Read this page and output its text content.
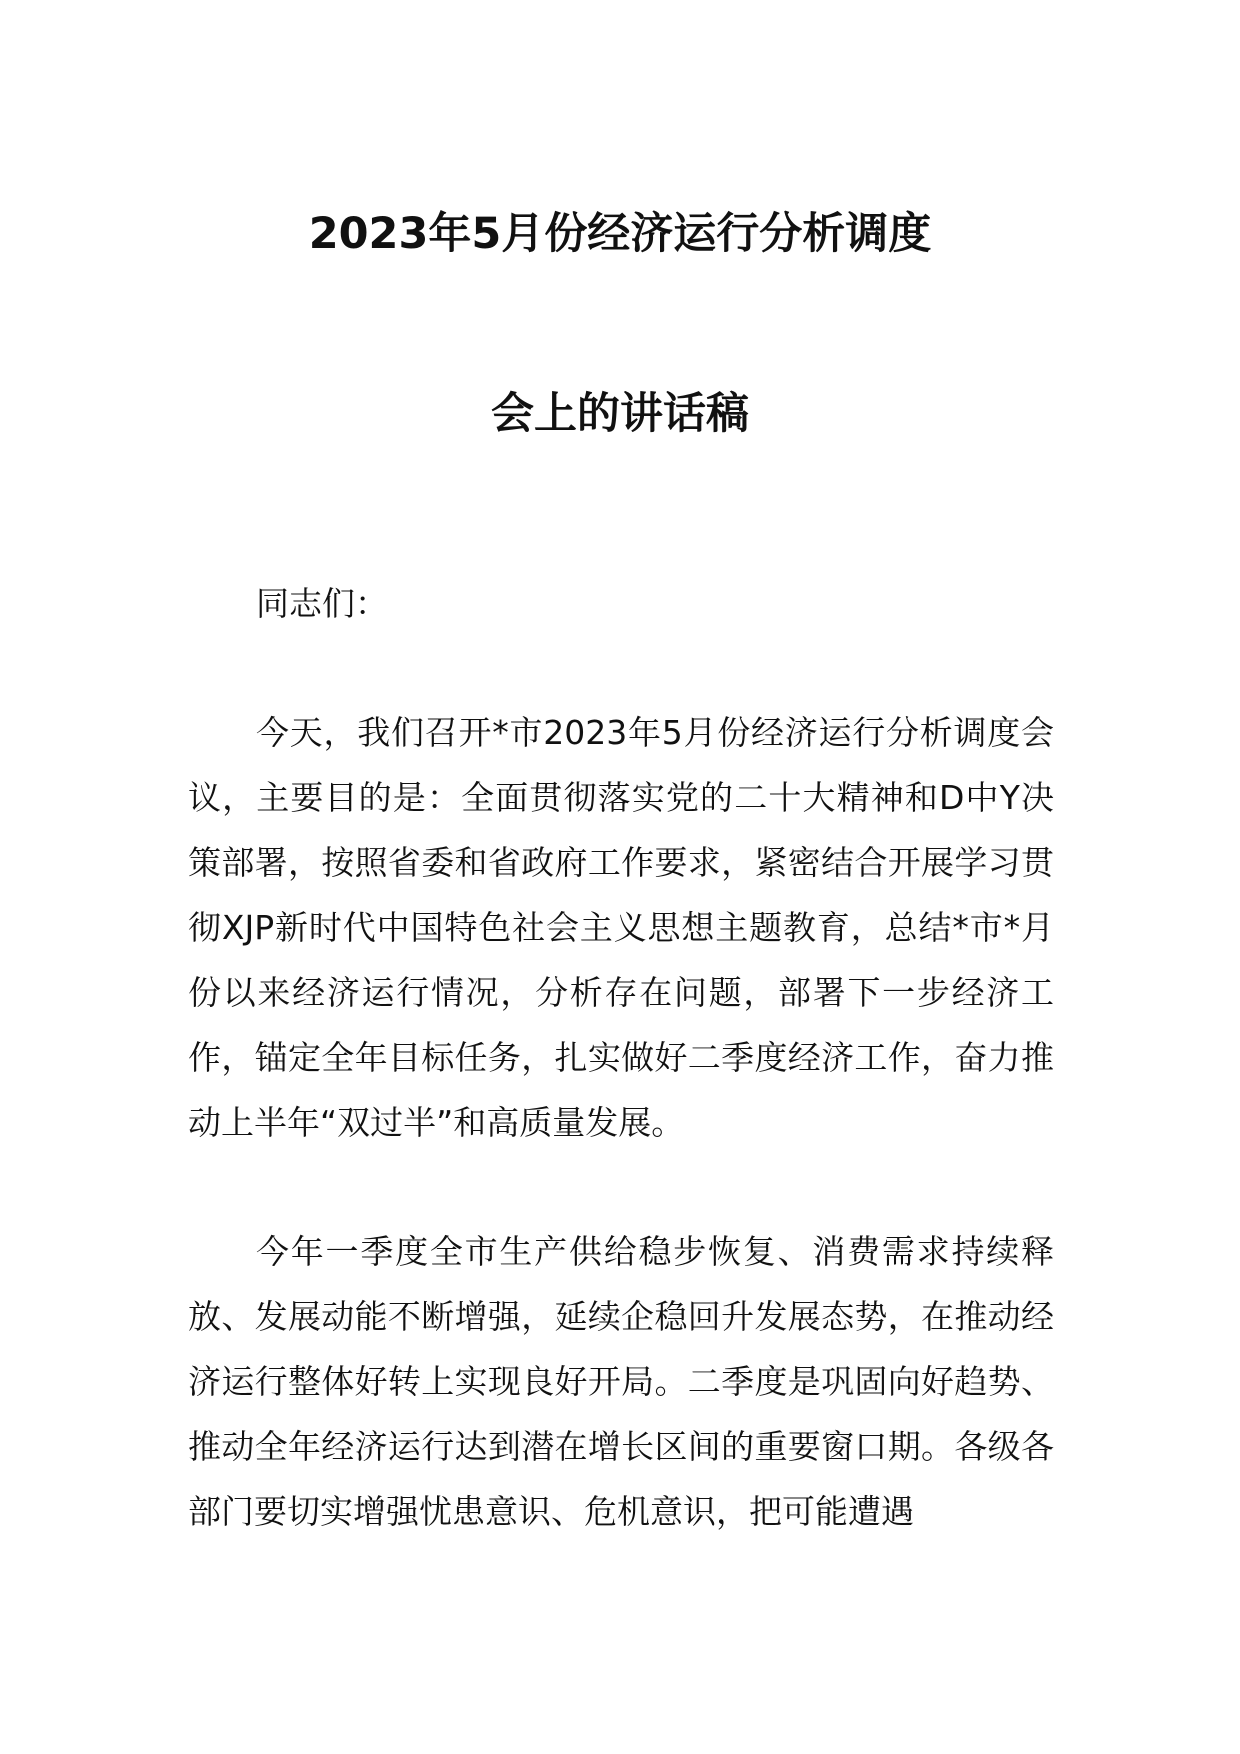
2023年5月份经济运行分析调度
会上的讲话稿
同志们：

今天，我们召开*市2023年5月份经济运行分析调度会议，主要目的是：全面贯彻落实党的二十大精神和D中Y决策部署，按照省委和省政府工作要求，紧密结合开展学习贯彻XJP新时代中国特色社会主义思想主题教育，总结*市*月份以来经济运行情况，分析存在问题，部署下一步经济工作，锚定全年目标任务，扎实做好二季度经济工作，奋力推动上半年“双过半”和高质量发展。

今年一季度全市生产供给稳步恢复、消费需求持续释放、发展动能不断增强，延续企稳回升发展态势，在推动经济运行整体好转上实现良好开局。二季度是巩固向好趋势、推动全年经济运行达到潜在增长区间的重要窗口期。各级各部门要切实增强忧患意识、危机意识，把可能遭遇
